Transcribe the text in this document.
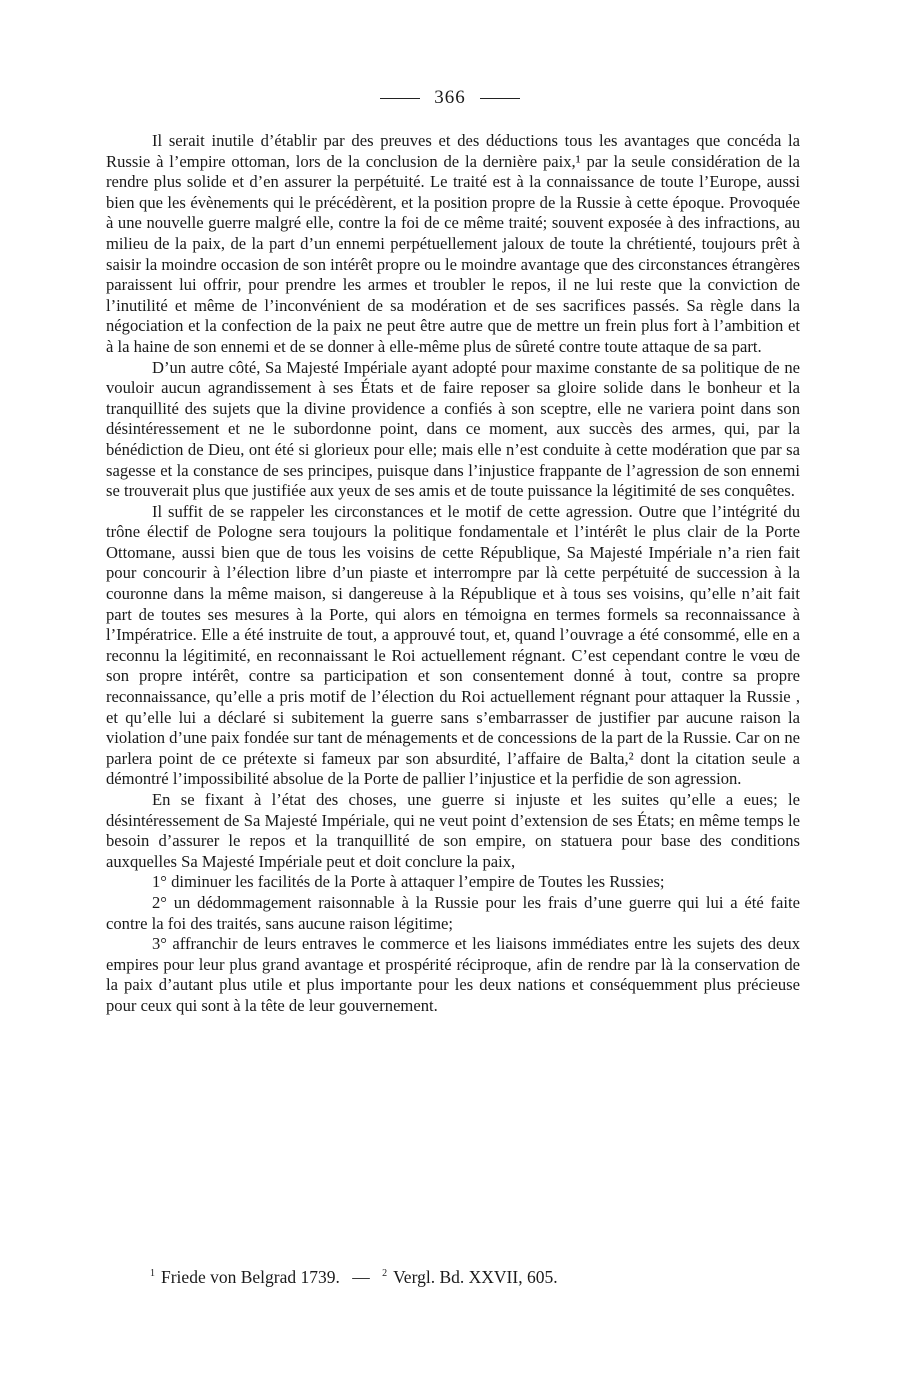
366

Il serait inutile d’établir par des preuves et des déductions tous les avantages que concéda la Russie à l’empire ottoman, lors de la conclusion de la dernière paix,¹ par la seule considération de la rendre plus solide et d’en assurer la perpétuité. Le traité est à la connaissance de toute l’Europe, aussi bien que les évènements qui le précédèrent, et la position propre de la Russie à cette époque. Provoquée à une nouvelle guerre malgré elle, contre la foi de ce même traité; souvent exposée à des infractions, au milieu de la paix, de la part d’un ennemi perpétuellement jaloux de toute la chrétienté, toujours prêt à saisir la moindre occasion de son intérêt propre ou le moindre avantage que des circonstances étrangères paraissent lui offrir, pour prendre les armes et troubler le repos, il ne lui reste que la conviction de l’inutilité et même de l’inconvénient de sa modération et de ses sacrifices passés. Sa règle dans la négociation et la confection de la paix ne peut être autre que de mettre un frein plus fort à l’ambition et à la haine de son ennemi et de se donner à elle-même plus de sûreté contre toute attaque de sa part.

D’un autre côté, Sa Majesté Impériale ayant adopté pour maxime constante de sa politique de ne vouloir aucun agrandissement à ses États et de faire reposer sa gloire solide dans le bonheur et la tranquillité des sujets que la divine providence a confiés à son sceptre, elle ne variera point dans son désintéressement et ne le subordonne point, dans ce moment, aux succès des armes, qui, par la bénédiction de Dieu, ont été si glorieux pour elle; mais elle n’est conduite à cette modération que par sa sagesse et la constance de ses principes, puisque dans l’injustice frappante de l’agression de son ennemi se trouverait plus que justifiée aux yeux de ses amis et de toute puissance la légitimité de ses conquêtes.

Il suffit de se rappeler les circonstances et le motif de cette agression. Outre que l’intégrité du trône électif de Pologne sera toujours la politique fondamentale et l’intérêt le plus clair de la Porte Ottomane, aussi bien que de tous les voisins de cette République, Sa Majesté Impériale n’a rien fait pour concourir à l’élection libre d’un piaste et interrompre par là cette perpétuité de succession à la couronne dans la même maison, si dangereuse à la République et à tous ses voisins, qu’elle n’ait fait part de toutes ses mesures à la Porte, qui alors en témoigna en termes formels sa reconnaissance à l’Impératrice. Elle a été instruite de tout, a approuvé tout, et, quand l’ouvrage a été consommé, elle en a reconnu la légitimité, en reconnaissant le Roi actuellement régnant. C’est cependant contre le vœu de son propre intérêt, contre sa participation et son consentement donné à tout, contre sa propre reconnaissance, qu’elle a pris motif de l’élection du Roi actuellement régnant pour attaquer la Russie , et qu’elle lui a déclaré si subitement la guerre sans s’embarrasser de justifier par aucune raison la violation d’une paix fondée sur tant de ménagements et de concessions de la part de la Russie. Car on ne parlera point de ce prétexte si fameux par son absurdité, l’affaire de Balta,² dont la citation seule a démontré l’impossibilité absolue de la Porte de pallier l’injustice et la perfidie de son agression.

En se fixant à l’état des choses, une guerre si injuste et les suites qu’elle a eues; le désintéressement de Sa Majesté Impériale, qui ne veut point d’extension de ses États; en même temps le besoin d’assurer le repos et la tranquillité de son empire, on statuera pour base des conditions auxquelles Sa Majesté Impériale peut et doit conclure la paix,

1° diminuer les facilités de la Porte à attaquer l’empire de Toutes les Russies;

2° un dédommagement raisonnable à la Russie pour les frais d’une guerre qui lui a été faite contre la foi des traités, sans aucune raison légitime;

3° affranchir de leurs entraves le commerce et les liaisons immédiates entre les sujets des deux empires pour leur plus grand avantage et prospérité réciproque, afin de rendre par là la conservation de la paix d’autant plus utile et plus importante pour les deux nations et conséquemment plus précieuse pour ceux qui sont à la tête de leur gouvernement.

$^1$ Friede von Belgrad 1739. — $^2$ Vergl. Bd. XXVII, 605.
